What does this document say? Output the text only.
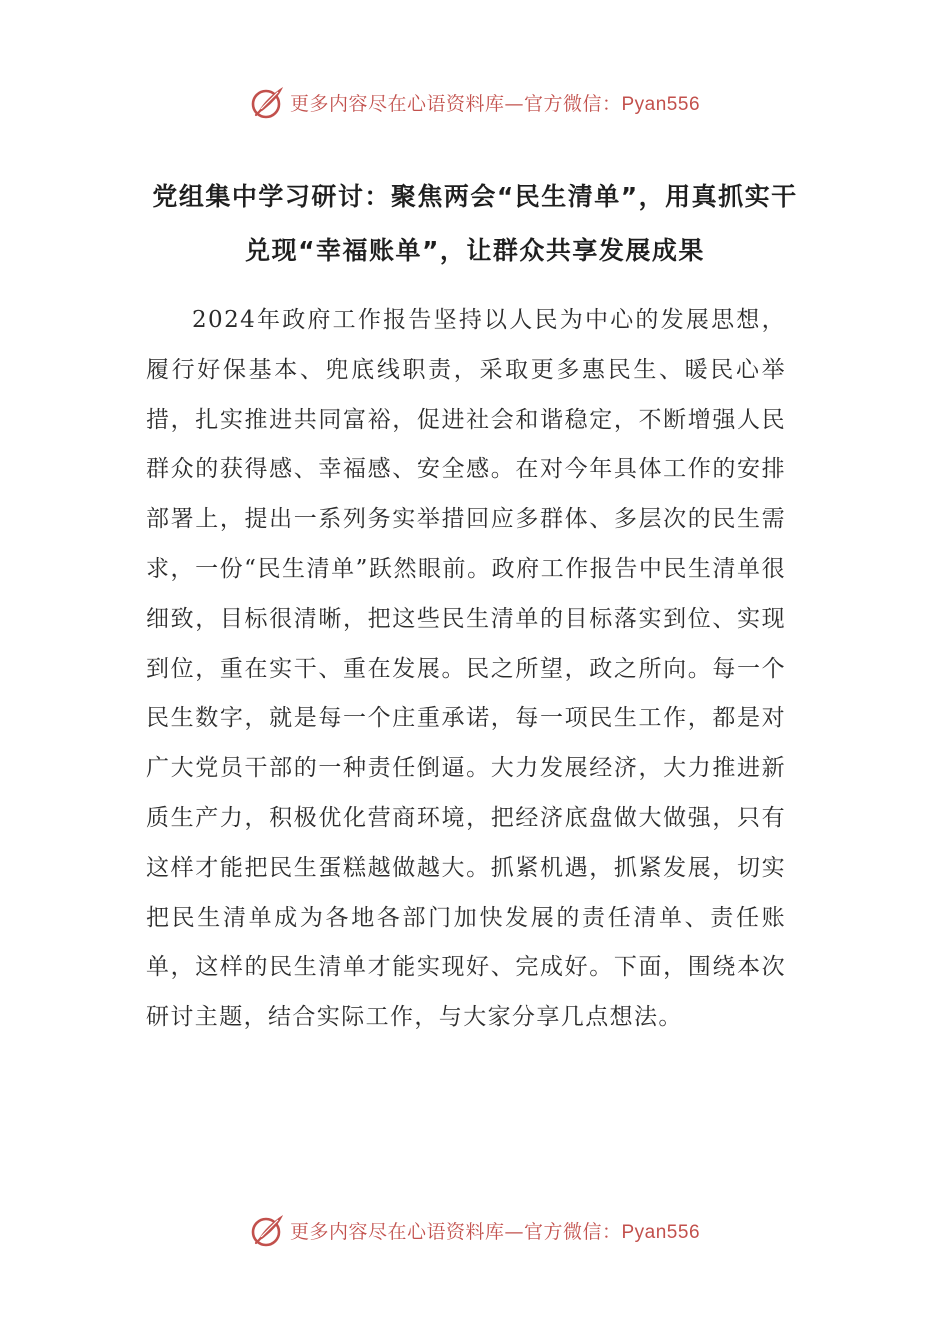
更多内容尽在心语资料库—官方微信：Pyan556
党组集中学习研讨：聚焦两会“民生清单”，用真抓实干
兑现“幸福账单”，让群众共享发展成果

2024年政府工作报告坚持以人民为中心的发展思想，履行好保基本、兜底线职责，采取更多惠民生、暖民心举措，扎实推进共同富裕，促进社会和谐稳定，不断增强人民群众的获得感、幸福感、安全感。在对今年具体工作的安排部署上，提出一系列务实举措回应多群体、多层次的民生需求，一份“民生清单”跃然眼前。政府工作报告中民生清单很细致，目标很清晰，把这些民生清单的目标落实到位、实现到位，重在实干、重在发展。民之所望，政之所向。每一个民生数字，就是每一个庄重承诺，每一项民生工作，都是对广大党员干部的一种责任倒逼。大力发展经济，大力推进新质生产力，积极优化营商环境，把经济底盘做大做强，只有这样才能把民生蛋糕越做越大。抓紧机遇，抓紧发展，切实把民生清单成为各地各部门加快发展的责任清单、责任账单，这样的民生清单才能实现好、完成好。下面，围绕本次研讨主题，结合实际工作，与大家分享几点想法。

更多内容尽在心语资料库—官方微信：Pyan556
